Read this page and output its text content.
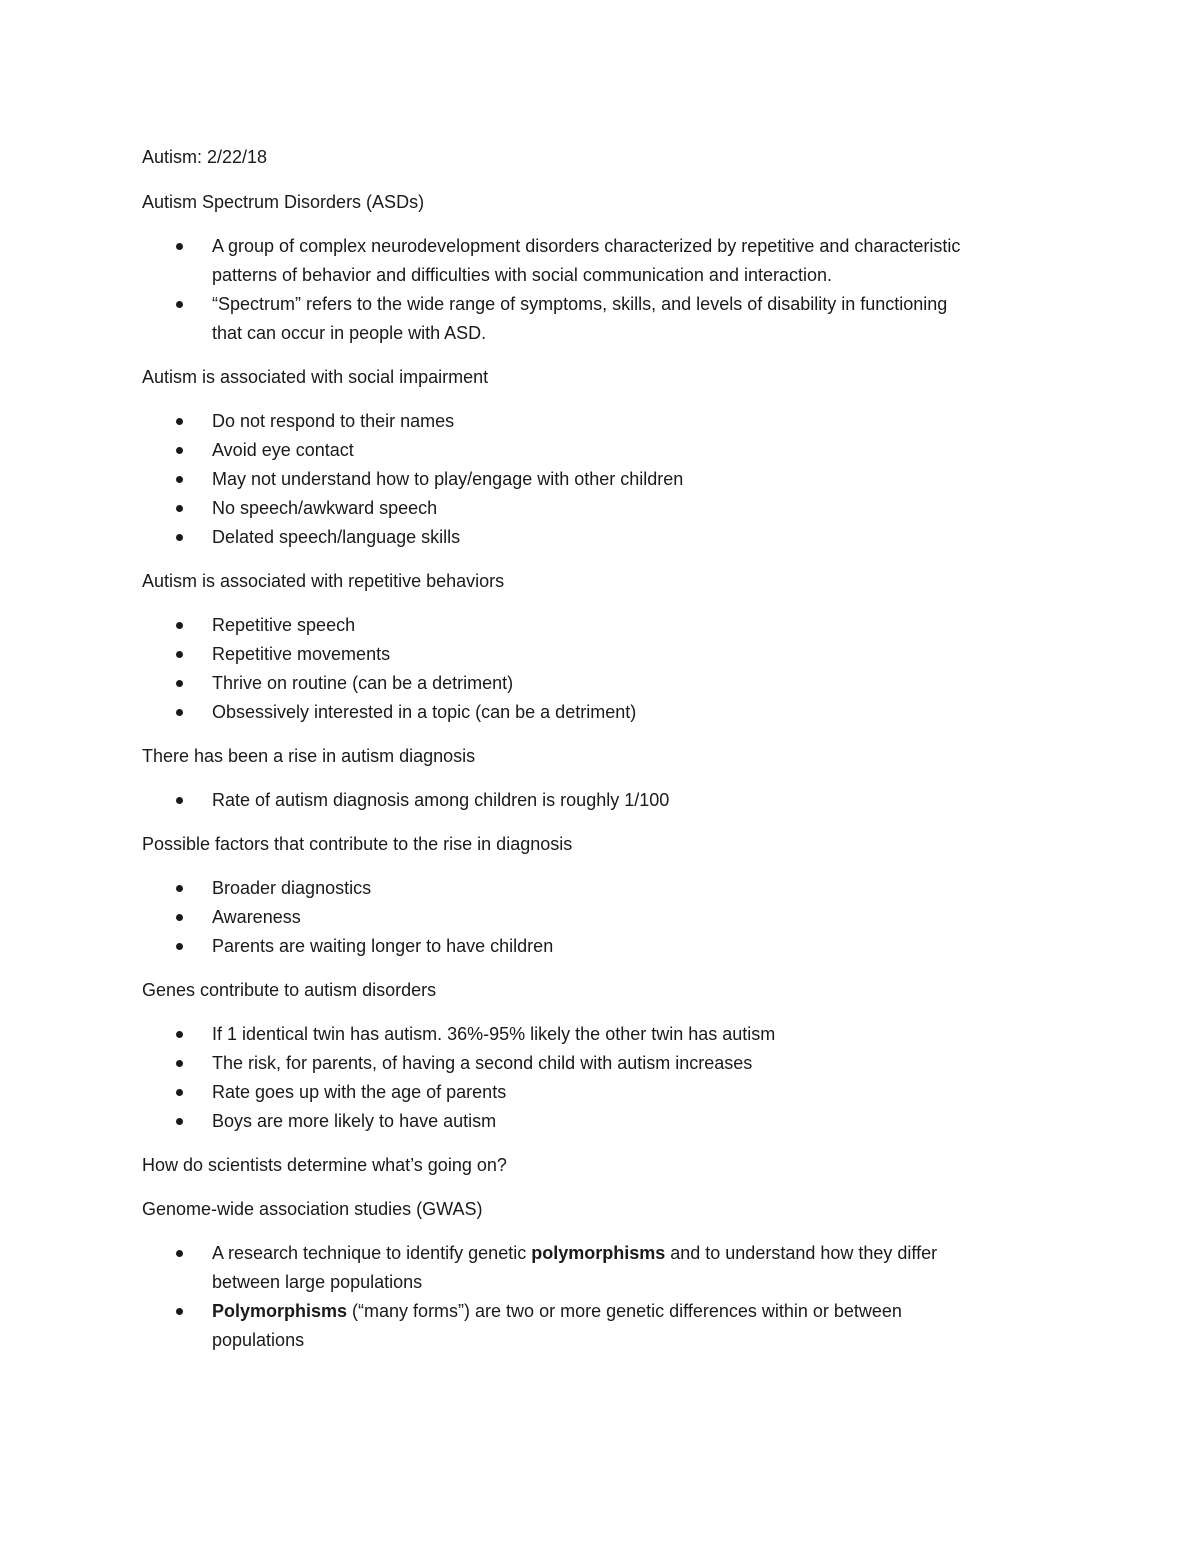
Autism: 2/22/18
Autism Spectrum Disorders (ASDs)
A group of complex neurodevelopment disorders characterized by repetitive and characteristic
patterns of behavior and difficulties with social communication and interaction.
“Spectrum” refers to the wide range of symptoms, skills, and levels of disability in functioning
that can occur in people with ASD.
Autism is associated with social impairment
Do not respond to their names
Avoid eye contact
May not understand how to play/engage with other children
No speech/awkward speech
Delated speech/language skills
Autism is associated with repetitive behaviors
Repetitive speech
Repetitive movements
Thrive on routine (can be a detriment)
Obsessively interested in a topic (can be a detriment)
There has been a rise in autism diagnosis
Rate of autism diagnosis among children is roughly 1/100
Possible factors that contribute to the rise in diagnosis
Broader diagnostics
Awareness
Parents are waiting longer to have children
Genes contribute to autism disorders
If 1 identical twin has autism. 36%-95% likely the other twin has autism
The risk, for parents, of having a second child with autism increases
Rate goes up with the age of parents
Boys are more likely to have autism
How do scientists determine what’s going on?
Genome-wide association studies (GWAS)
A research technique to identify genetic polymorphisms and to understand how they differ
between large populations
Polymorphisms (“many forms”) are two or more genetic differences within or between
populations
